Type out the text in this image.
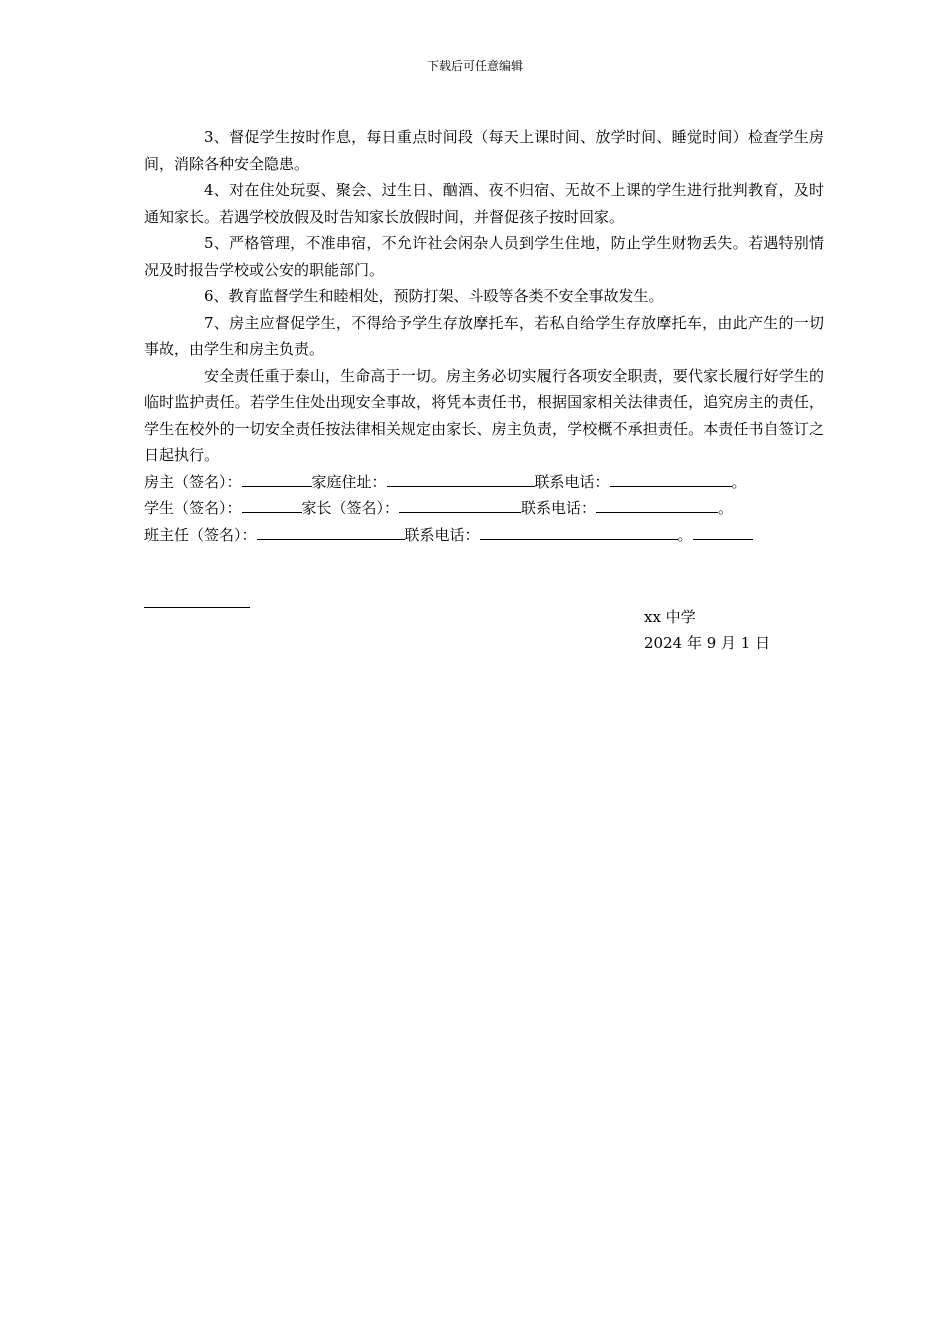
下载后可任意编辑

3、督促学生按时作息，每日重点时间段（每天上课时间、放学时间、睡觉时间）检查学生房间，消除各种安全隐患。

4、对在住处玩耍、聚会、过生日、酗酒、夜不归宿、无故不上课的学生进行批判教育，及时通知家长。若遇学校放假及时告知家长放假时间，并督促孩子按时回家。

5、严格管理，不准串宿，不允许社会闲杂人员到学生住地，防止学生财物丢失。若遇特别情况及时报告学校或公安的职能部门。

6、教育监督学生和睦相处，预防打架、斗殴等各类不安全事故发生。

7、房主应督促学生，不得给予学生存放摩托车，若私自给学生存放摩托车，由此产生的一切事故，由学生和房主负责。

安全责任重于泰山，生命高于一切。房主务必切实履行各项安全职责，要代家长履行好学生的临时监护责任。若学生住处出现安全事故，将凭本责任书，根据国家相关法律责任，追究房主的责任，学生在校外的一切安全责任按法律相关规定由家长、房主负责，学校概不承担责任。本责任书自签订之日起执行。

房主（签名）：	家庭住址：	联系电话：	。

学生（签名）：	家长（签名）：	联系电话：	。

班主任（签名）：	联系电话：	。

xx 中学
2024 年 9 月 1 日
